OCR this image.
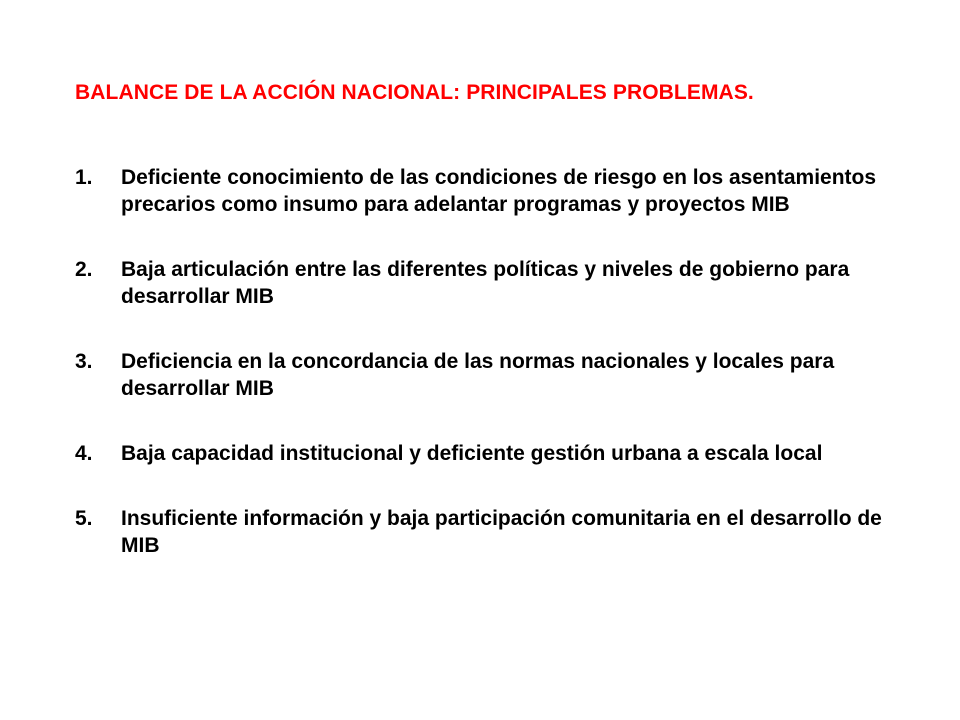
BALANCE DE LA ACCIÓN NACIONAL: PRINCIPALES PROBLEMAS.
1.	Deficiente conocimiento de las condiciones de riesgo en los asentamientos precarios como insumo para adelantar programas y proyectos MIB
2.	Baja articulación entre las diferentes políticas y niveles de gobierno para desarrollar MIB
3.	Deficiencia en la concordancia de las normas nacionales y locales para desarrollar MIB
4.	Baja capacidad institucional y deficiente gestión urbana a escala local
5.	Insuficiente información y baja participación comunitaria en el desarrollo de MIB
